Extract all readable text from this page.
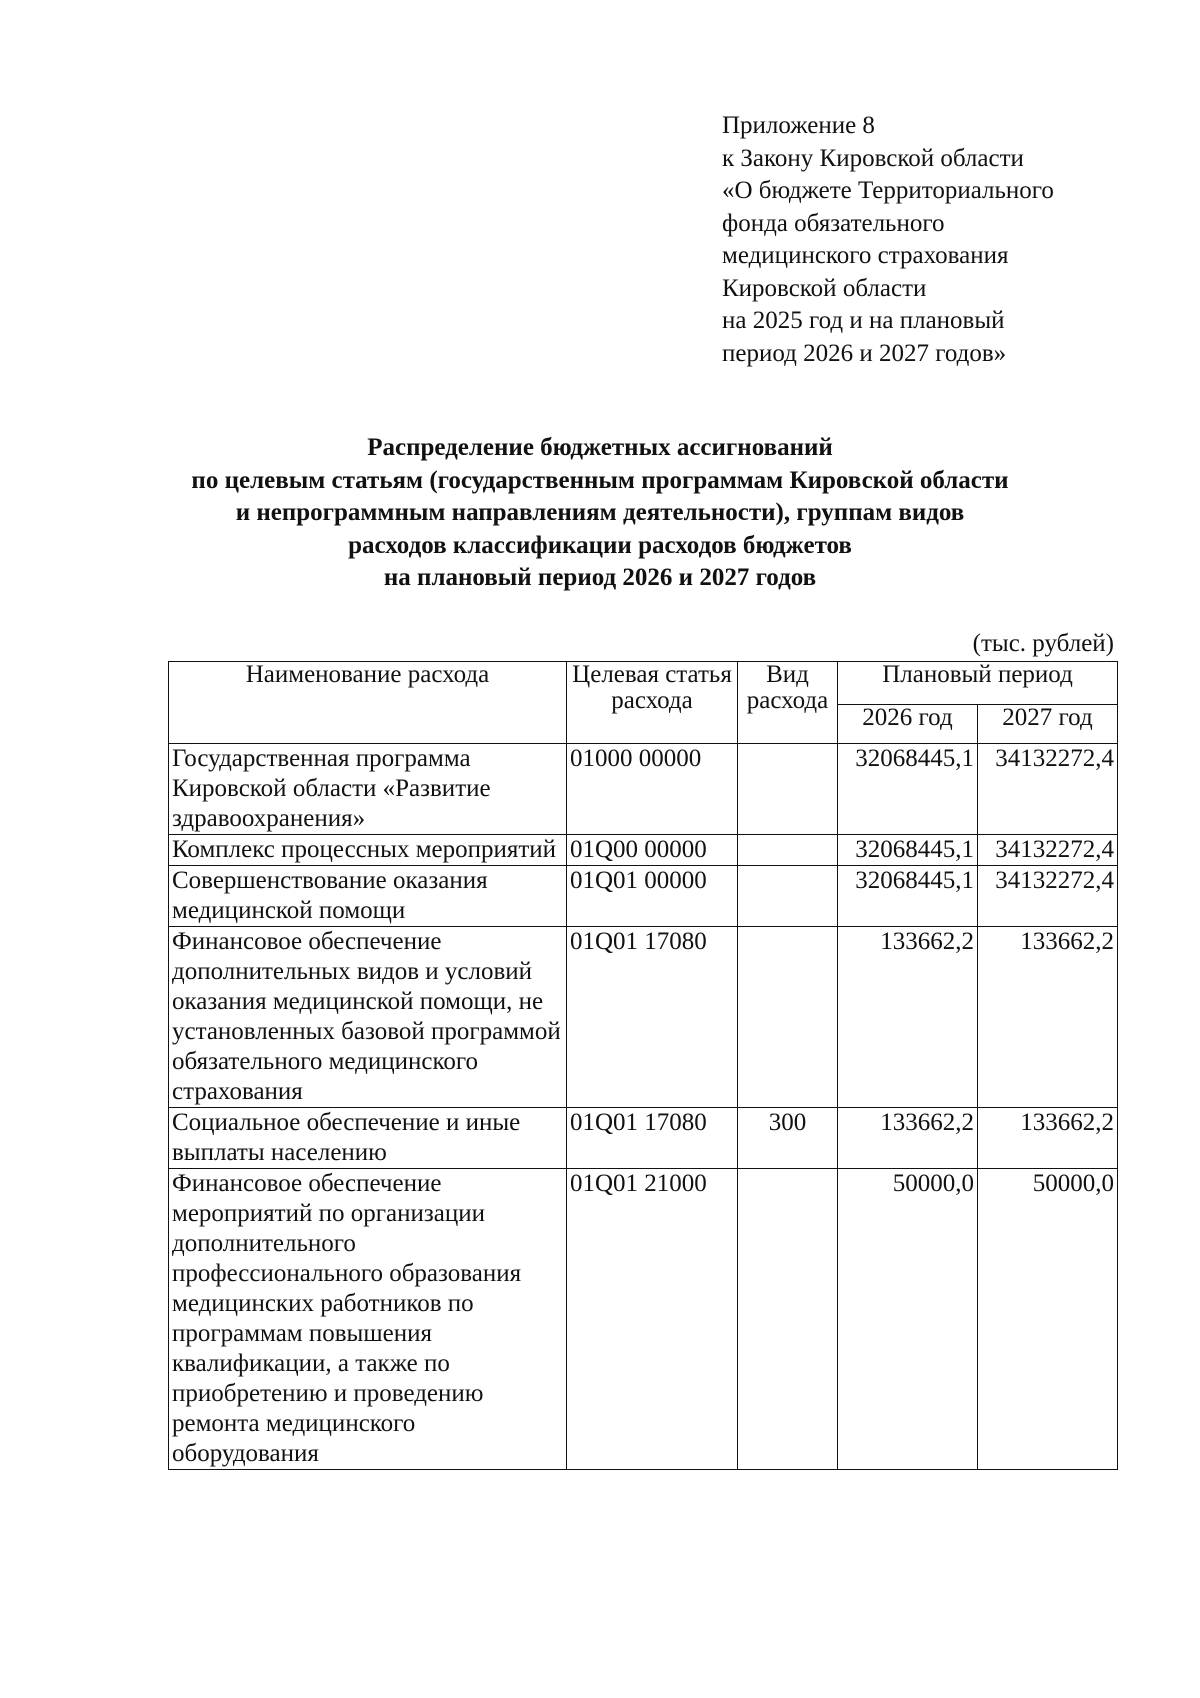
Приложение 8
к Закону Кировской области
«О бюджете Территориального
фонда обязательного
медицинского страхования
Кировской области
на 2025 год и на плановый
период 2026 и 2027 годов»
Распределение бюджетных ассигнований
по целевым статьям (государственным программам Кировской области
и непрограммным направлениям деятельности), группам видов
расходов классификации расходов бюджетов
на плановый период 2026 и 2027 годов
(тыс. рублей)
Наименование расхода	Целевая статья расхода	Вид расхода	Плановый период	
			2026 год	2027 год
Государственная программа Кировской области «Развитие здравоохранения»	01000 00000		32068445,1	34132272,4
Комплекс процессных мероприятий	01Q00 00000		32068445,1	34132272,4
Совершенствование оказания медицинской помощи	01Q01 00000		32068445,1	34132272,4
Финансовое обеспечение дополнительных видов и условий оказания медицинской помощи, не установленных базовой программой обязательного медицинского страхования	01Q01 17080		133662,2	133662,2
Социальное обеспечение и иные выплаты населению	01Q01 17080	300	133662,2	133662,2
Финансовое обеспечение мероприятий по организации дополнительного профессионального образования медицинских работников по программам повышения квалификации, а также по приобретению и проведению ремонта медицинского оборудования	01Q01 21000		50000,0	50000,0
